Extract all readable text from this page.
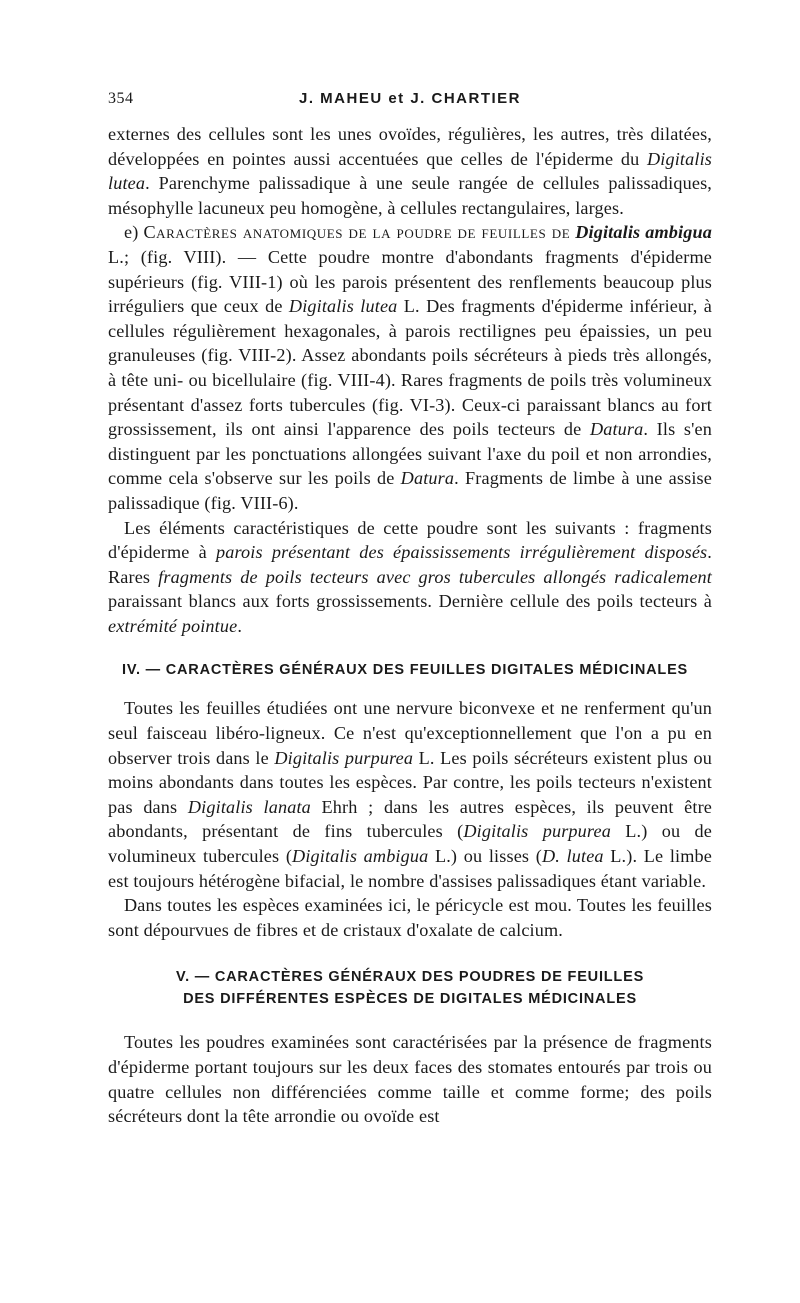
354	J. MAHEU et J. CHARTIER

externes des cellules sont les unes ovoïdes, régulières, les autres, très dilatées, développées en pointes aussi accentuées que celles de l'épiderme du Digitalis lutea. Parenchyme palissadique à une seule rangée de cellules palissadiques, mésophylle lacuneux peu homogène, à cellules rectangulaires, larges.

e) Caractères anatomiques de la poudre de feuilles de Digitalis ambigua L.; (fig. VIII). — Cette poudre montre d'abondants fragments d'épiderme supérieurs (fig. VIII-1) où les parois présentent des renflements beaucoup plus irréguliers que ceux de Digitalis lutea L. Des fragments d'épiderme inférieur, à cellules régulièrement hexagonales, à parois rectilignes peu épaissies, un peu granuleuses (fig. VIII-2). Assez abondants poils sécréteurs à pieds très allongés, à tête uni- ou bicellulaire (fig. VIII-4). Rares fragments de poils très volumineux présentant d'assez forts tubercules (fig. VI-3). Ceux-ci paraissant blancs au fort grossissement, ils ont ainsi l'apparence des poils tecteurs de Datura. Ils s'en distinguent par les ponctuations allongées suivant l'axe du poil et non arrondies, comme cela s'observe sur les poils de Datura. Fragments de limbe à une assise palissadique (fig. VIII-6).

Les éléments caractéristiques de cette poudre sont les suivants : fragments d'épiderme à parois présentant des épaississements irrégulièrement disposés. Rares fragments de poils tecteurs avec gros tubercules allongés radicalement paraissant blancs aux forts grossissements. Dernière cellule des poils tecteurs à extrémité pointue.

IV. — CARACTÈRES GÉNÉRAUX DES FEUILLES DIGITALES MÉDICINALES

Toutes les feuilles étudiées ont une nervure biconvexe et ne renferment qu'un seul faisceau libéro-ligneux. Ce n'est qu'exceptionnellement que l'on a pu en observer trois dans le Digitalis purpurea L. Les poils sécréteurs existent plus ou moins abondants dans toutes les espèces. Par contre, les poils tecteurs n'existent pas dans Digitalis lanata Ehrh ; dans les autres espèces, ils peuvent être abondants, présentant de fins tubercules (Digitalis purpurea L.) ou de volumineux tubercules (Digitalis ambigua L.) ou lisses (D. lutea L.). Le limbe est toujours hétérogène bifacial, le nombre d'assises palissadiques étant variable.

Dans toutes les espèces examinées ici, le péricycle est mou. Toutes les feuilles sont dépourvues de fibres et de cristaux d'oxalate de calcium.

V. — CARACTÈRES GÉNÉRAUX DES POUDRES DE FEUILLES
DES DIFFÉRENTES ESPÈCES DE DIGITALES MÉDICINALES

Toutes les poudres examinées sont caractérisées par la présence de fragments d'épiderme portant toujours sur les deux faces des stomates entourés par trois ou quatre cellules non différenciées comme taille et comme forme; des poils sécréteurs dont la tête arrondie ou ovoïde est
